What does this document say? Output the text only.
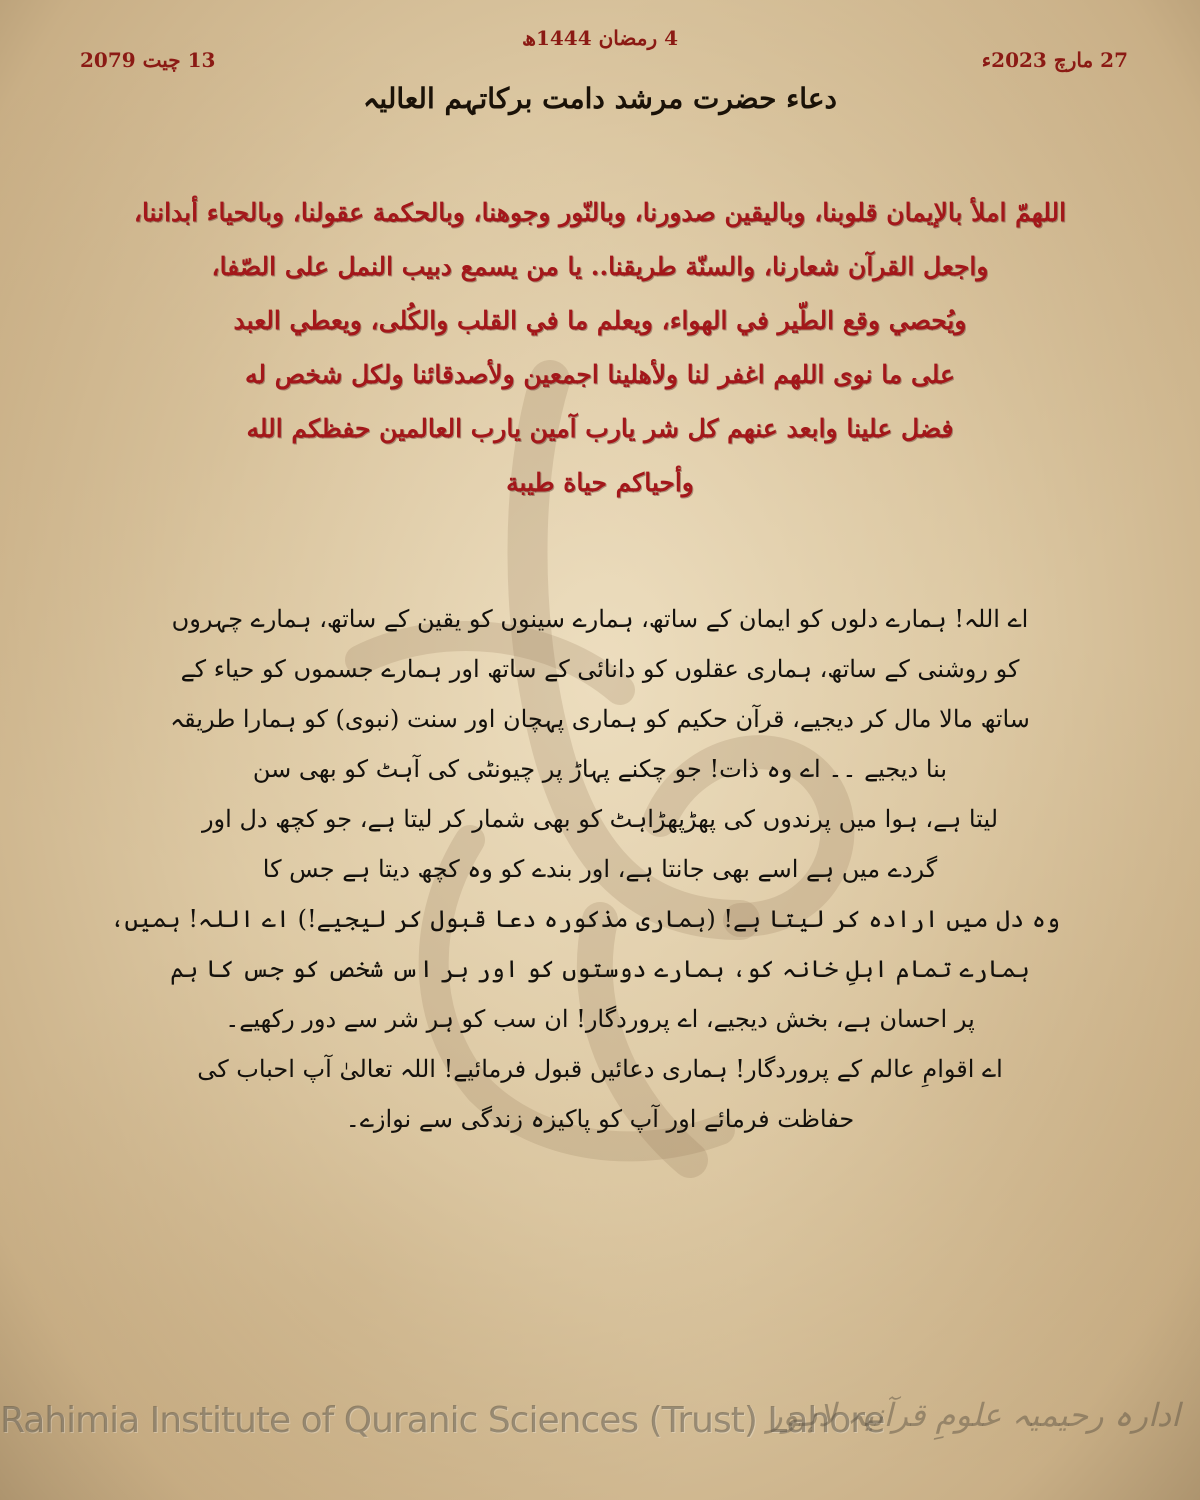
4 رمضان 1444ھ
27 مارچ 2023ء
13 چیت 2079
دعاء حضرت مرشد دامت برکاتہم العالیہ
اللھمّ املأ بالإيمان قلوبنا، وباليقين صدورنا، وبالنّور وجوهنا، وبالحكمة عقولنا، وبالحياء أبداننا،
واجعل القرآن شعارنا، والسنّة طريقنا.. يا من يسمع دبيب النمل على الصّفا،
ويُحصي وقع الطّير في الهواء، ويعلم ما في القلب والكُلى، ويعطي العبد
على ما نوى اللهم اغفر لنا ولأهلينا اجمعين ولأصدقائنا ولكل شخص له
فضل علينا وابعد عنهم كل شر يارب آمين يارب العالمين حفظكم الله
وأحياكم حياة طيبة
اے اللہ! ہمارے دلوں کو ایمان کے ساتھ، ہمارے سینوں کو یقین کے ساتھ، ہمارے چہروں
کو روشنی کے ساتھ، ہماری عقلوں کو دانائی کے ساتھ اور ہمارے جسموں کو حیاء کے
ساتھ مالا مال کر دیجیے، قرآن حکیم کو ہماری پہچان اور سنت (نبوی) کو ہمارا طریقہ
بنا دیجیے ۔۔ اے وہ ذات! جو چکنے پہاڑ پر چیونٹی کی آہٹ کو بھی سن
لیتا ہے، ہوا میں پرندوں کی پھڑپھڑاہٹ کو بھی شمار کر لیتا ہے، جو کچھ دل اور
گردے میں ہے اسے بھی جانتا ہے، اور بندے کو وہ کچھ دیتا ہے جس کا
وہ دل میں ارادہ کر لیتا ہے! (ہماری مذکورہ دعا قبول کر لیجیے!) اے اللہ! ہمیں،
ہمارے تمام اہلِ خانہ کو، ہمارے دوستوں کو اور ہر اس شخص کو جس کا ہم
پر احسان ہے، بخش دیجیے، اے پروردگار! ان سب کو ہر شر سے دور رکھیے۔
اے اقوامِ عالم کے پروردگار! ہماری دعائیں قبول فرمائیے! اللہ تعالیٰ آپ احباب کی
حفاظت فرمائے اور آپ کو پاکیزہ زندگی سے نوازے۔
Rahimia Institute of Quranic Sciences (Trust) Lahore
ادارہ رحیمیہ علومِ قرآنیہ لاہور
